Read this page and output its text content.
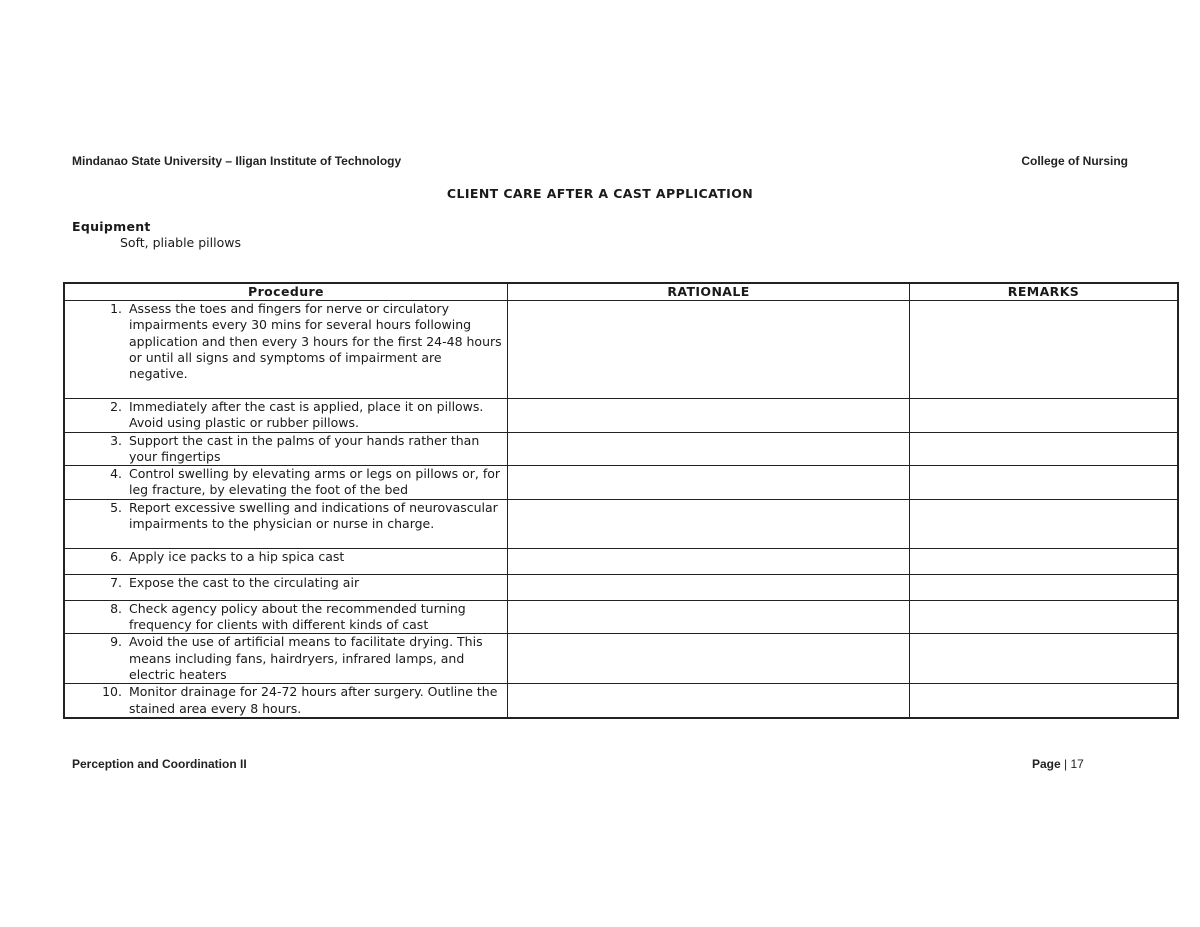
Mindanao State University – Iligan Institute of Technology	College of Nursing
CLIENT CARE AFTER A CAST APPLICATION
Equipment
Soft, pliable pillows
Procedure	RATIONALE	REMARKS

1. Assess the toes and fingers for nerve or circulatory impairments every 30 mins for several hours following application and then every 3 hours for the first 24-48 hours or until all signs and symptoms of impairment are negative.		

2. Immediately after the cast is applied, place it on pillows. Avoid using plastic or rubber pillows.		

3. Support the cast in the palms of your hands rather than your fingertips		

4. Control swelling by elevating arms or legs on pillows or, for leg fracture, by elevating the foot of the bed		

5. Report excessive swelling and indications of neurovascular impairments to the physician or nurse in charge.		

6. Apply ice packs to a hip spica cast		

7. Expose the cast to the circulating air		

8. Check agency policy about the recommended turning frequency for clients with different kinds of cast		

9. Avoid the use of artificial means to facilitate drying. This means including fans, hairdryers, infrared lamps, and electric heaters		

10. Monitor drainage for 24-72 hours after surgery. Outline the stained area every 8 hours.		

Perception and Coordination II	Page | 17
